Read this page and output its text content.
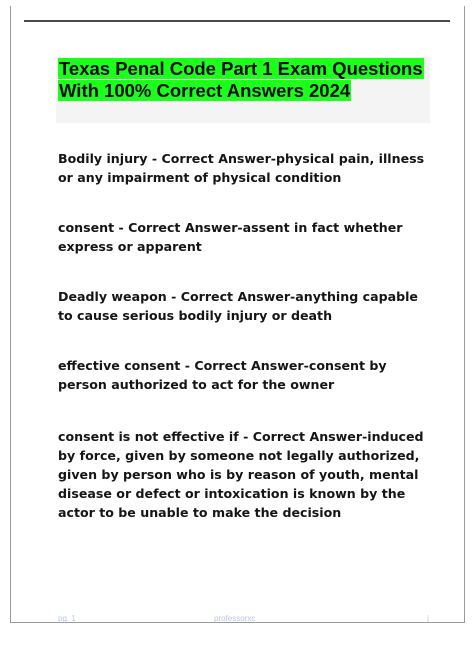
Texas Penal Code Part 1 Exam Questions With 100% Correct Answers 2024

Bodily injury - Correct Answer-physical pain, illness or any impairment of physical condition

consent - Correct Answer-assent in fact whether express or apparent

Deadly weapon - Correct Answer-anything capable to cause serious bodily injury or death

effective consent - Correct Answer-consent by person authorized to act for the owner

consent is not effective if - Correct Answer-induced by force, given by someone not legally authorized, given by person who is by reason of youth, mental disease or defect or intoxication is known by the actor to be unable to make the decision

pg. 1	professorxc	|
